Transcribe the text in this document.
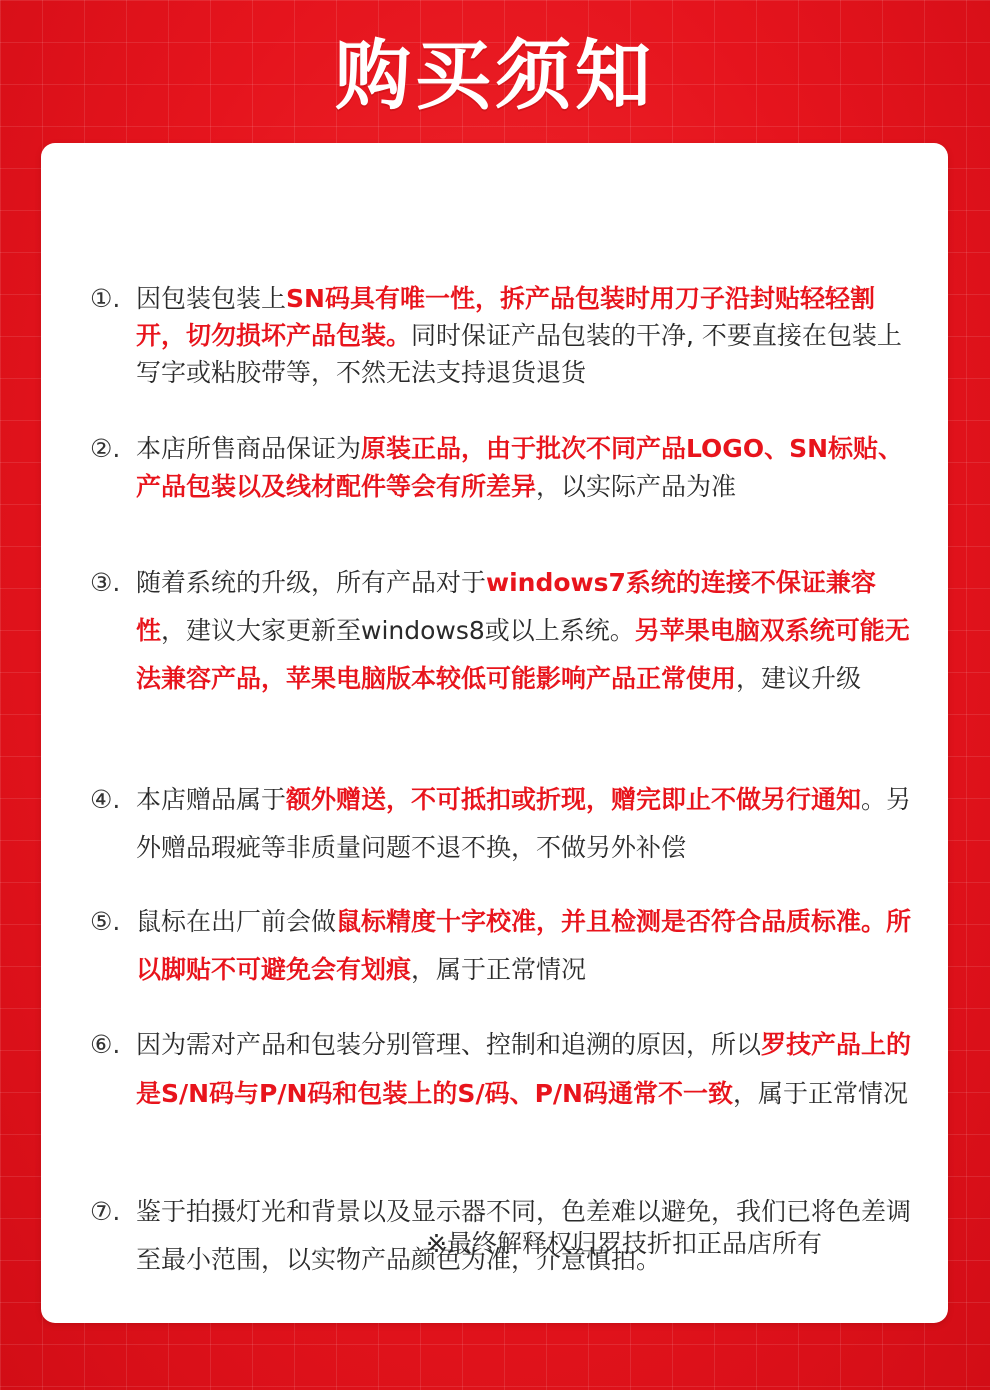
购买须知

①. 因包装包装上SN码具有唯一性，拆产品包装时用刀子沿封贴轻轻割开，切勿损坏产品包装。同时保证产品包装的干净, 不要直接在包装上写字或粘胶带等，不然无法支持退货退货

②. 本店所售商品保证为原装正品，由于批次不同产品LOGO、SN标贴、产品包装以及线材配件等会有所差异，以实际产品为准

③. 随着系统的升级，所有产品对于windows7系统的连接不保证兼容性，建议大家更新至windows8或以上系统。另苹果电脑双系统可能无法兼容产品，苹果电脑版本较低可能影响产品正常使用，建议升级

④. 本店赠品属于额外赠送，不可抵扣或折现，赠完即止不做另行通知。另外赠品瑕疵等非质量问题不退不换，不做另外补偿

⑤. 鼠标在出厂前会做鼠标精度十字校准，并且检测是否符合品质标准。所以脚贴不可避免会有划痕，属于正常情况

⑥. 因为需对产品和包装分别管理、控制和追溯的原因，所以罗技产品上的是S/N码与P/N码和包装上的S/码、P/N码通常不一致，属于正常情况

⑦. 鉴于拍摄灯光和背景以及显示器不同，色差难以避免，我们已将色差调至最小范围，以实物产品颜色为准，介意慎拍。

※最终解释权归罗技折扣正品店所有
